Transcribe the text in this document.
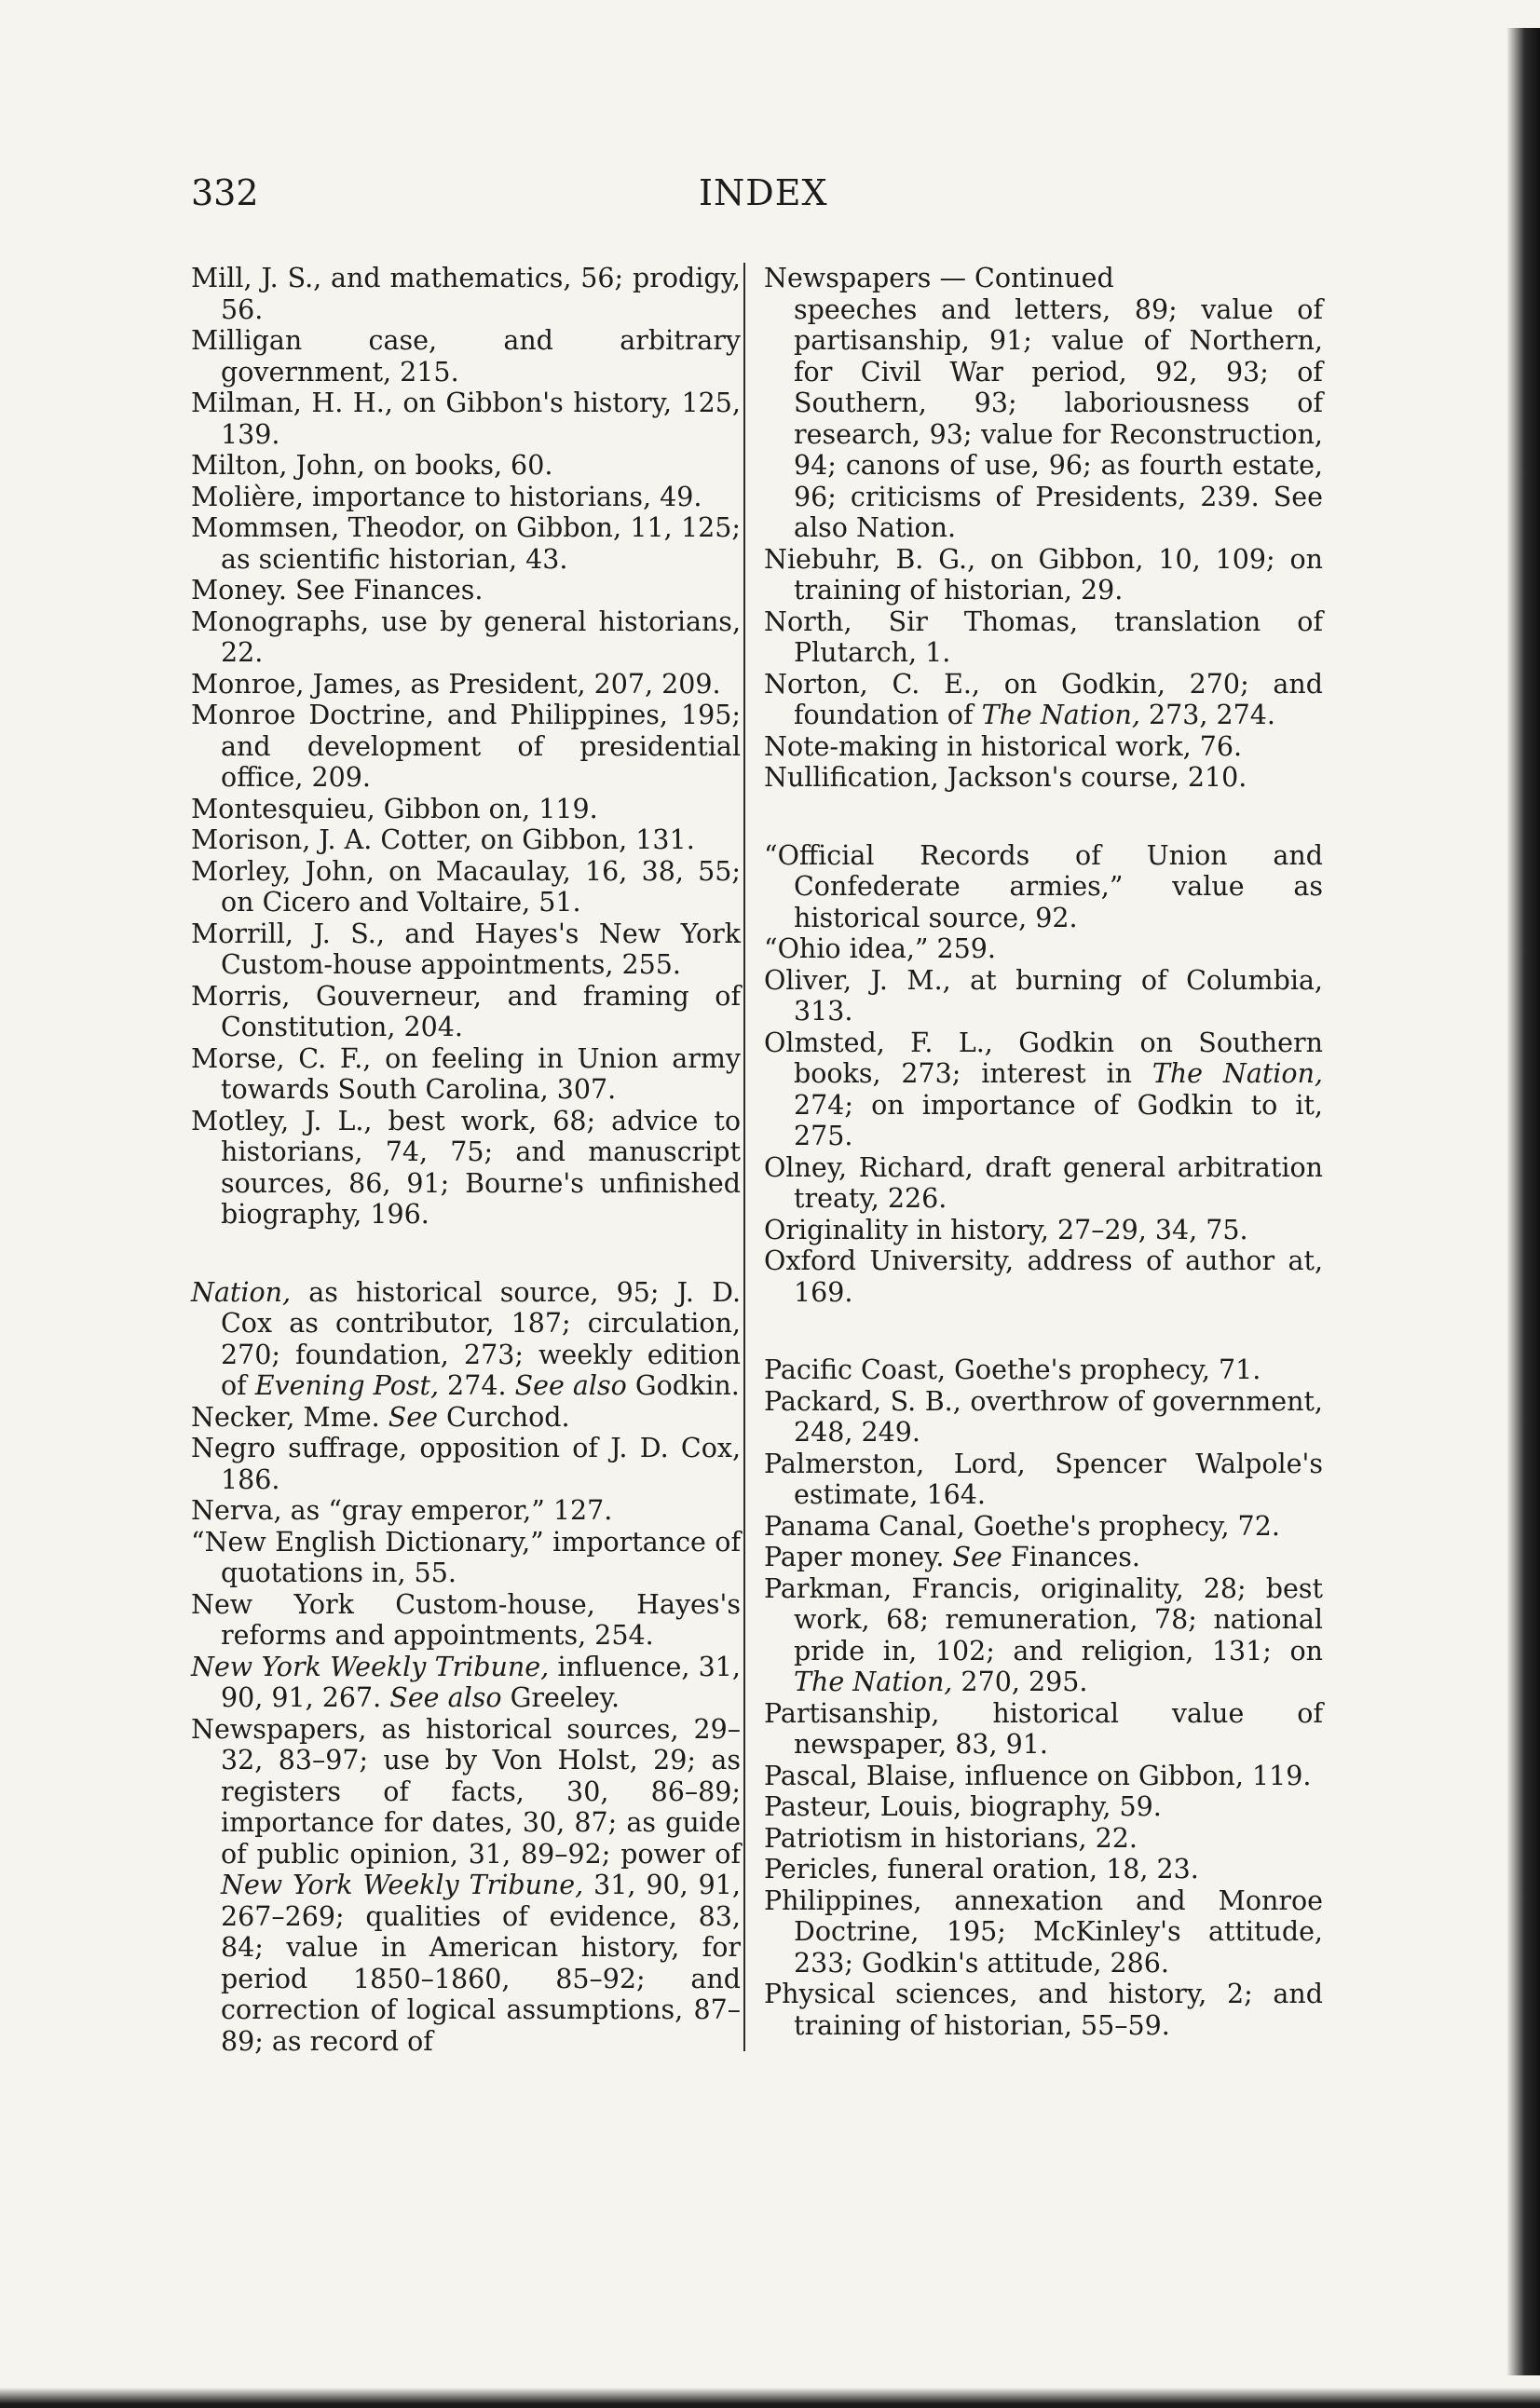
332	INDEX

Mill, J. S., and mathematics, 56; prodigy, 56.

Milligan case, and arbitrary government, 215.

Milman, H. H., on Gibbon's history, 125, 139.

Milton, John, on books, 60.

Molière, importance to historians, 49.

Mommsen, Theodor, on Gibbon, 11, 125; as scientific historian, 43.

Money. See Finances.

Monographs, use by general historians, 22.

Monroe, James, as President, 207, 209.

Monroe Doctrine, and Philippines, 195; and development of presidential office, 209.

Montesquieu, Gibbon on, 119.

Morison, J. A. Cotter, on Gibbon, 131.

Morley, John, on Macaulay, 16, 38, 55; on Cicero and Voltaire, 51.

Morrill, J. S., and Hayes's New York Custom-house appointments, 255.

Morris, Gouverneur, and framing of Constitution, 204.

Morse, C. F., on feeling in Union army towards South Carolina, 307.

Motley, J. L., best work, 68; advice to historians, 74, 75; and manuscript sources, 86, 91; Bourne's unfinished biography, 196.

Nation, as historical source, 95; J. D. Cox as contributor, 187; circulation, 270; foundation, 273; weekly edition of Evening Post, 274. See also Godkin.

Necker, Mme. See Curchod.

Negro suffrage, opposition of J. D. Cox, 186.

Nerva, as “gray emperor,” 127.

“New English Dictionary,” importance of quotations in, 55.

New York Custom-house, Hayes's reforms and appointments, 254.

New York Weekly Tribune, influence, 31, 90, 91, 267. See also Greeley.

Newspapers, as historical sources, 29–32, 83–97; use by Von Holst, 29; as registers of facts, 30, 86–89; importance for dates, 30, 87; as guide of public opinion, 31, 89–92; power of New York Weekly Tribune, 31, 90, 91, 267–269; qualities of evidence, 83, 84; value in American history, for period 1850–1860, 85–92; and correction of logical assumptions, 87–89; as record of

Newspapers — Continued

speeches and letters, 89; value of partisanship, 91; value of Northern, for Civil War period, 92, 93; of Southern, 93; laboriousness of research, 93; value for Reconstruction, 94; canons of use, 96; as fourth estate, 96; criticisms of Presidents, 239. See also Nation.

Niebuhr, B. G., on Gibbon, 10, 109; on training of historian, 29.

North, Sir Thomas, translation of Plutarch, 1.

Norton, C. E., on Godkin, 270; and foundation of The Nation, 273, 274.

Note-making in historical work, 76.

Nullification, Jackson's course, 210.

“Official Records of Union and Confederate armies,” value as historical source, 92.

“Ohio idea,” 259.

Oliver, J. M., at burning of Columbia, 313.

Olmsted, F. L., Godkin on Southern books, 273; interest in The Nation, 274; on importance of Godkin to it, 275.

Olney, Richard, draft general arbitration treaty, 226.

Originality in history, 27–29, 34, 75.

Oxford University, address of author at, 169.

Pacific Coast, Goethe's prophecy, 71.

Packard, S. B., overthrow of government, 248, 249.

Palmerston, Lord, Spencer Walpole's estimate, 164.

Panama Canal, Goethe's prophecy, 72.

Paper money. See Finances.

Parkman, Francis, originality, 28; best work, 68; remuneration, 78; national pride in, 102; and religion, 131; on The Nation, 270, 295.

Partisanship, historical value of newspaper, 83, 91.

Pascal, Blaise, influence on Gibbon, 119.

Pasteur, Louis, biography, 59.

Patriotism in historians, 22.

Pericles, funeral oration, 18, 23.

Philippines, annexation and Monroe Doctrine, 195; McKinley's attitude, 233; Godkin's attitude, 286.

Physical sciences, and history, 2; and training of historian, 55–59.
